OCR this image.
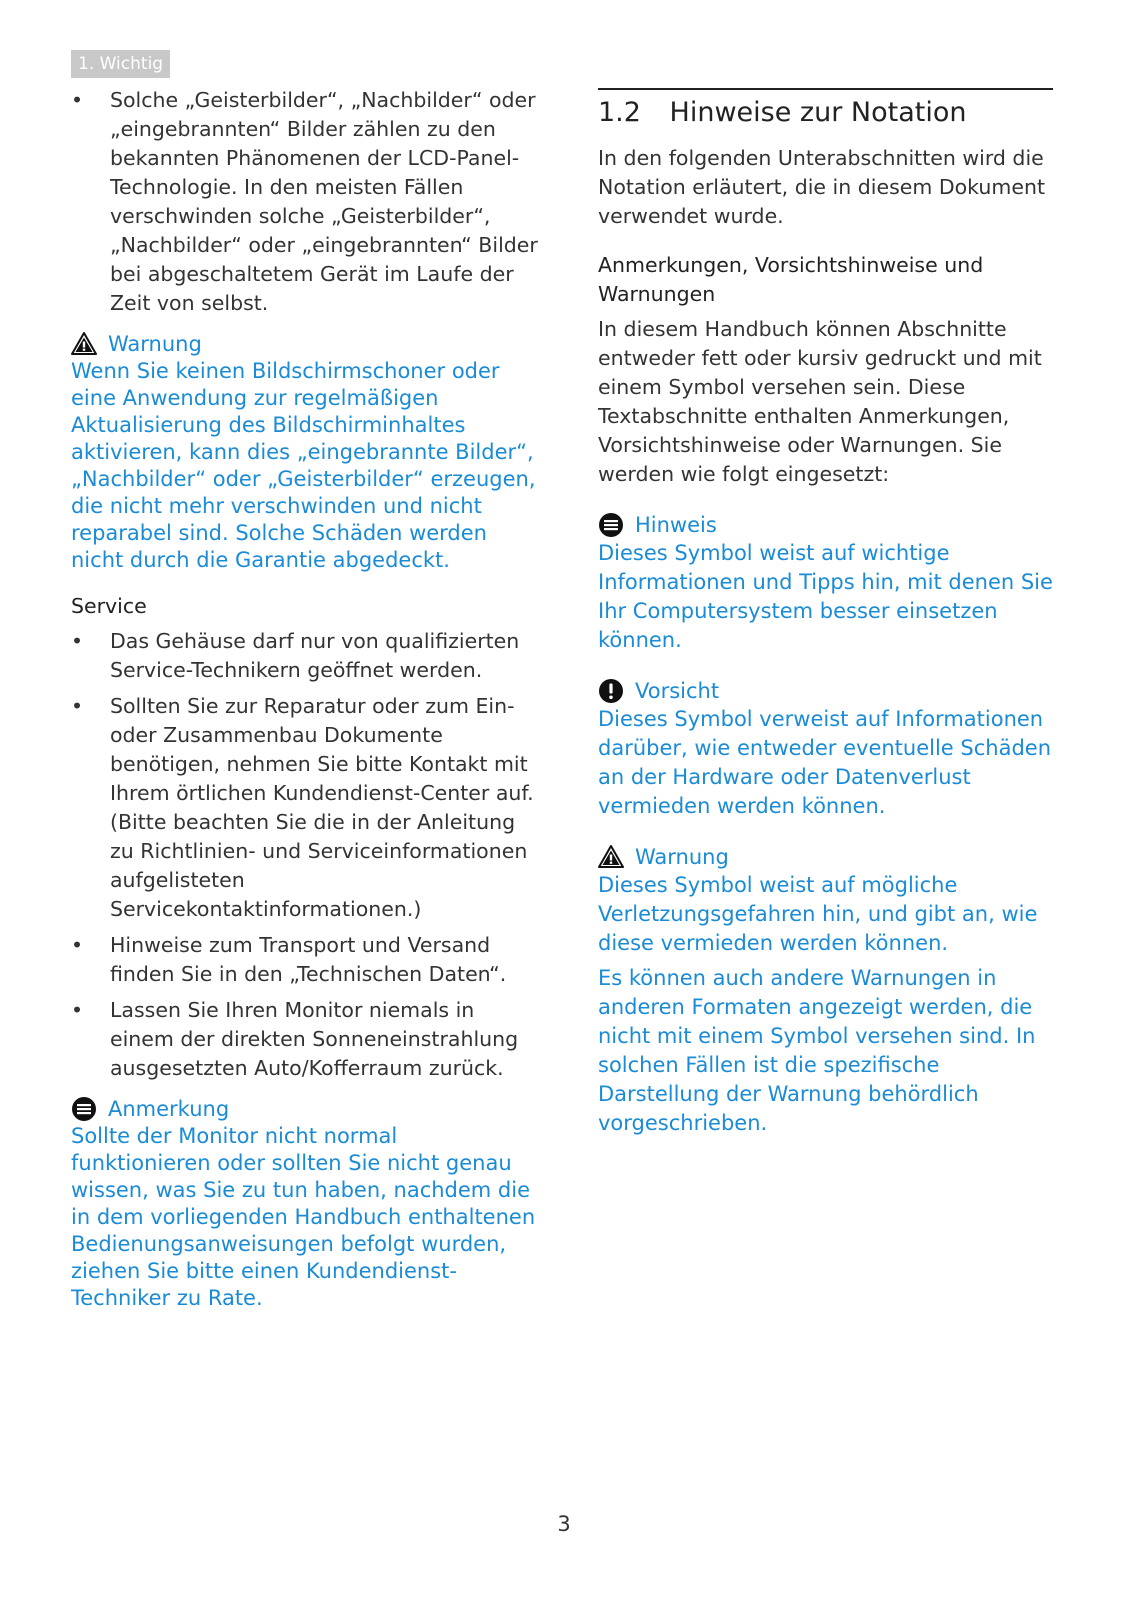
1. Wichtig
• Solche „Geisterbilder“, „Nachbilder“ oder „eingebrannten“ Bilder zählen zu den bekannten Phänomenen der LCD-Panel-Technologie. In den meisten Fällen verschwinden solche „Geisterbilder“, „Nachbilder“ oder „eingebrannten“ Bilder bei abgeschaltetem Gerät im Laufe der Zeit von selbst.
Warnung

Wenn Sie keinen Bildschirmschoner oder eine Anwendung zur regelmäßigen Aktualisierung des Bildschirminhaltes aktivieren, kann dies „eingebrannte Bilder“, „Nachbilder“ oder „Geisterbilder“ erzeugen, die nicht mehr verschwinden und nicht reparabel sind. Solche Schäden werden nicht durch die Garantie abgedeckt.

Service
• Das Gehäuse darf nur von qualifizierten Service-Technikern geöffnet werden.
• Sollten Sie zur Reparatur oder zum Ein- oder Zusammenbau Dokumente benötigen, nehmen Sie bitte Kontakt mit Ihrem örtlichen Kundendienst-Center auf. (Bitte beachten Sie die in der Anleitung zu Richtlinien- und Serviceinformationen aufgelisteten Servicekontaktinformationen.)
• Hinweise zum Transport und Versand finden Sie in den „Technischen Daten“.
• Lassen Sie Ihren Monitor niemals in einem der direkten Sonneneinstrahlung ausgesetzten Auto/Kofferraum zurück.
Anmerkung

Sollte der Monitor nicht normal funktionieren oder sollten Sie nicht genau wissen, was Sie zu tun haben, nachdem die in dem vorliegenden Handbuch enthaltenen Bedienungsanweisungen befolgt wurden, ziehen Sie bitte einen Kundendienst-Techniker zu Rate.

1.2 Hinweise zur Notation

In den folgenden Unterabschnitten wird die Notation erläutert, die in diesem Dokument verwendet wurde.

Anmerkungen, Vorsichtshinweise und Warnungen

In diesem Handbuch können Abschnitte entweder fett oder kursiv gedruckt und mit einem Symbol versehen sein. Diese Textabschnitte enthalten Anmerkungen, Vorsichtshinweise oder Warnungen. Sie werden wie folgt eingesetzt:

Hinweis

Dieses Symbol weist auf wichtige Informationen und Tipps hin, mit denen Sie Ihr Computersystem besser einsetzen können.

Vorsicht

Dieses Symbol verweist auf Informationen darüber, wie entweder eventuelle Schäden an der Hardware oder Datenverlust vermieden werden können.

Warnung

Dieses Symbol weist auf mögliche Verletzungsgefahren hin, und gibt an, wie diese vermieden werden können.

Es können auch andere Warnungen in anderen Formaten angezeigt werden, die nicht mit einem Symbol versehen sind. In solchen Fällen ist die spezifische Darstellung der Warnung behördlich vorgeschrieben.

3
